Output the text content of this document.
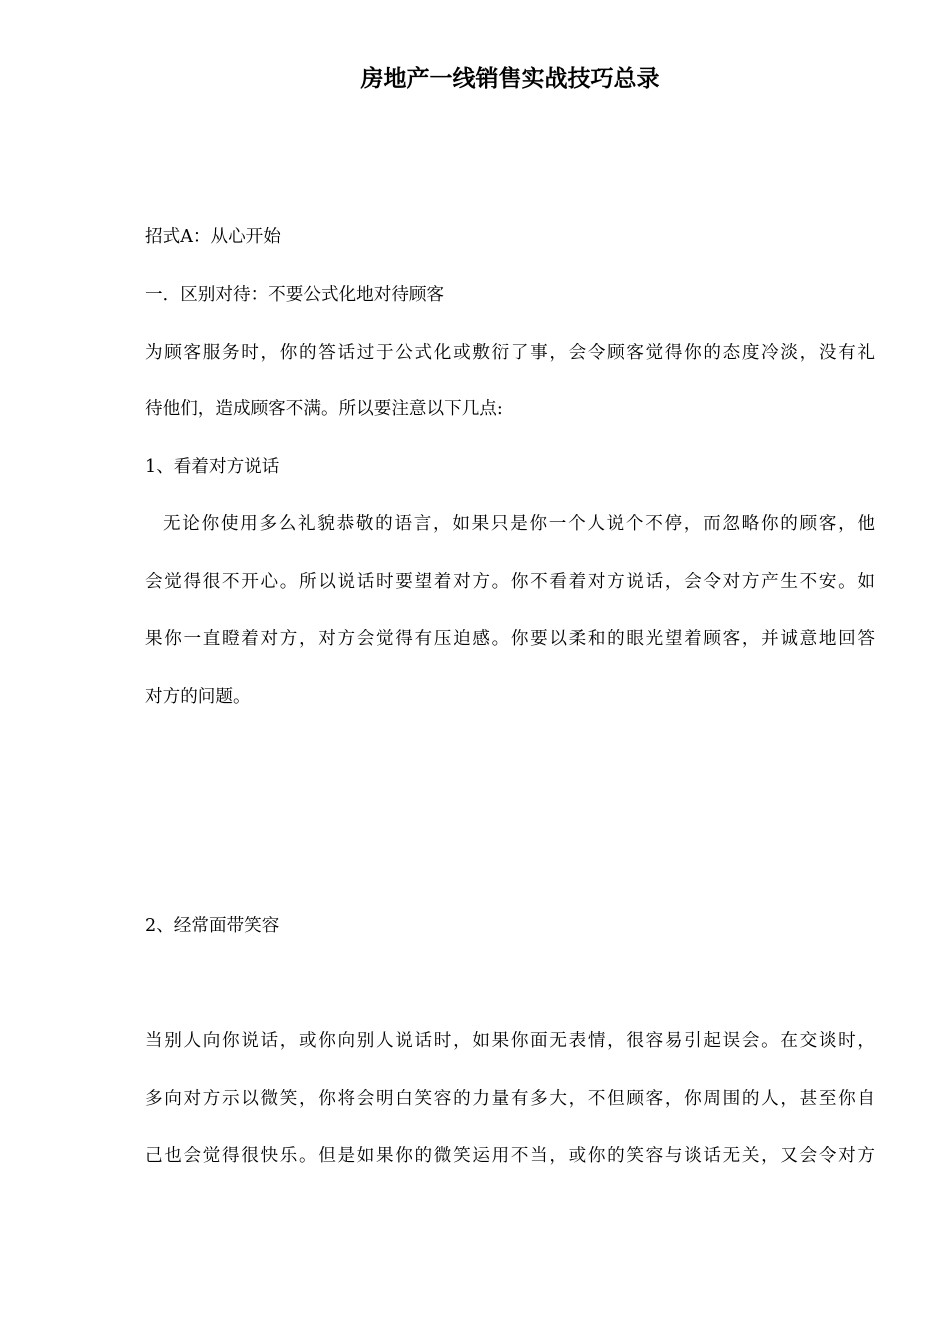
房地产一线销售实战技巧总录
招式A：从心开始
一．区别对待：不要公式化地对待顾客
为顾客服务时，你的答话过于公式化或敷衍了事，会令顾客觉得你的态度冷淡，没有礼
待他们，造成顾客不满。所以要注意以下几点:
1、看着对方说话
无论你使用多么礼貌恭敬的语言，如果只是你一个人说个不停，而忽略你的顾客，他
会觉得很不开心。所以说话时要望着对方。你不看着对方说话，会令对方产生不安。如
果你一直瞪着对方，对方会觉得有压迫感。你要以柔和的眼光望着顾客，并诚意地回答
对方的问题。
2、经常面带笑容
当别人向你说话，或你向别人说话时，如果你面无表情，很容易引起误会。在交谈时，
多向对方示以微笑，你将会明白笑容的力量有多大，不但顾客，你周围的人，甚至你自
己也会觉得很快乐。但是如果你的微笑运用不当，或你的笑容与谈话无关，又会令对方
